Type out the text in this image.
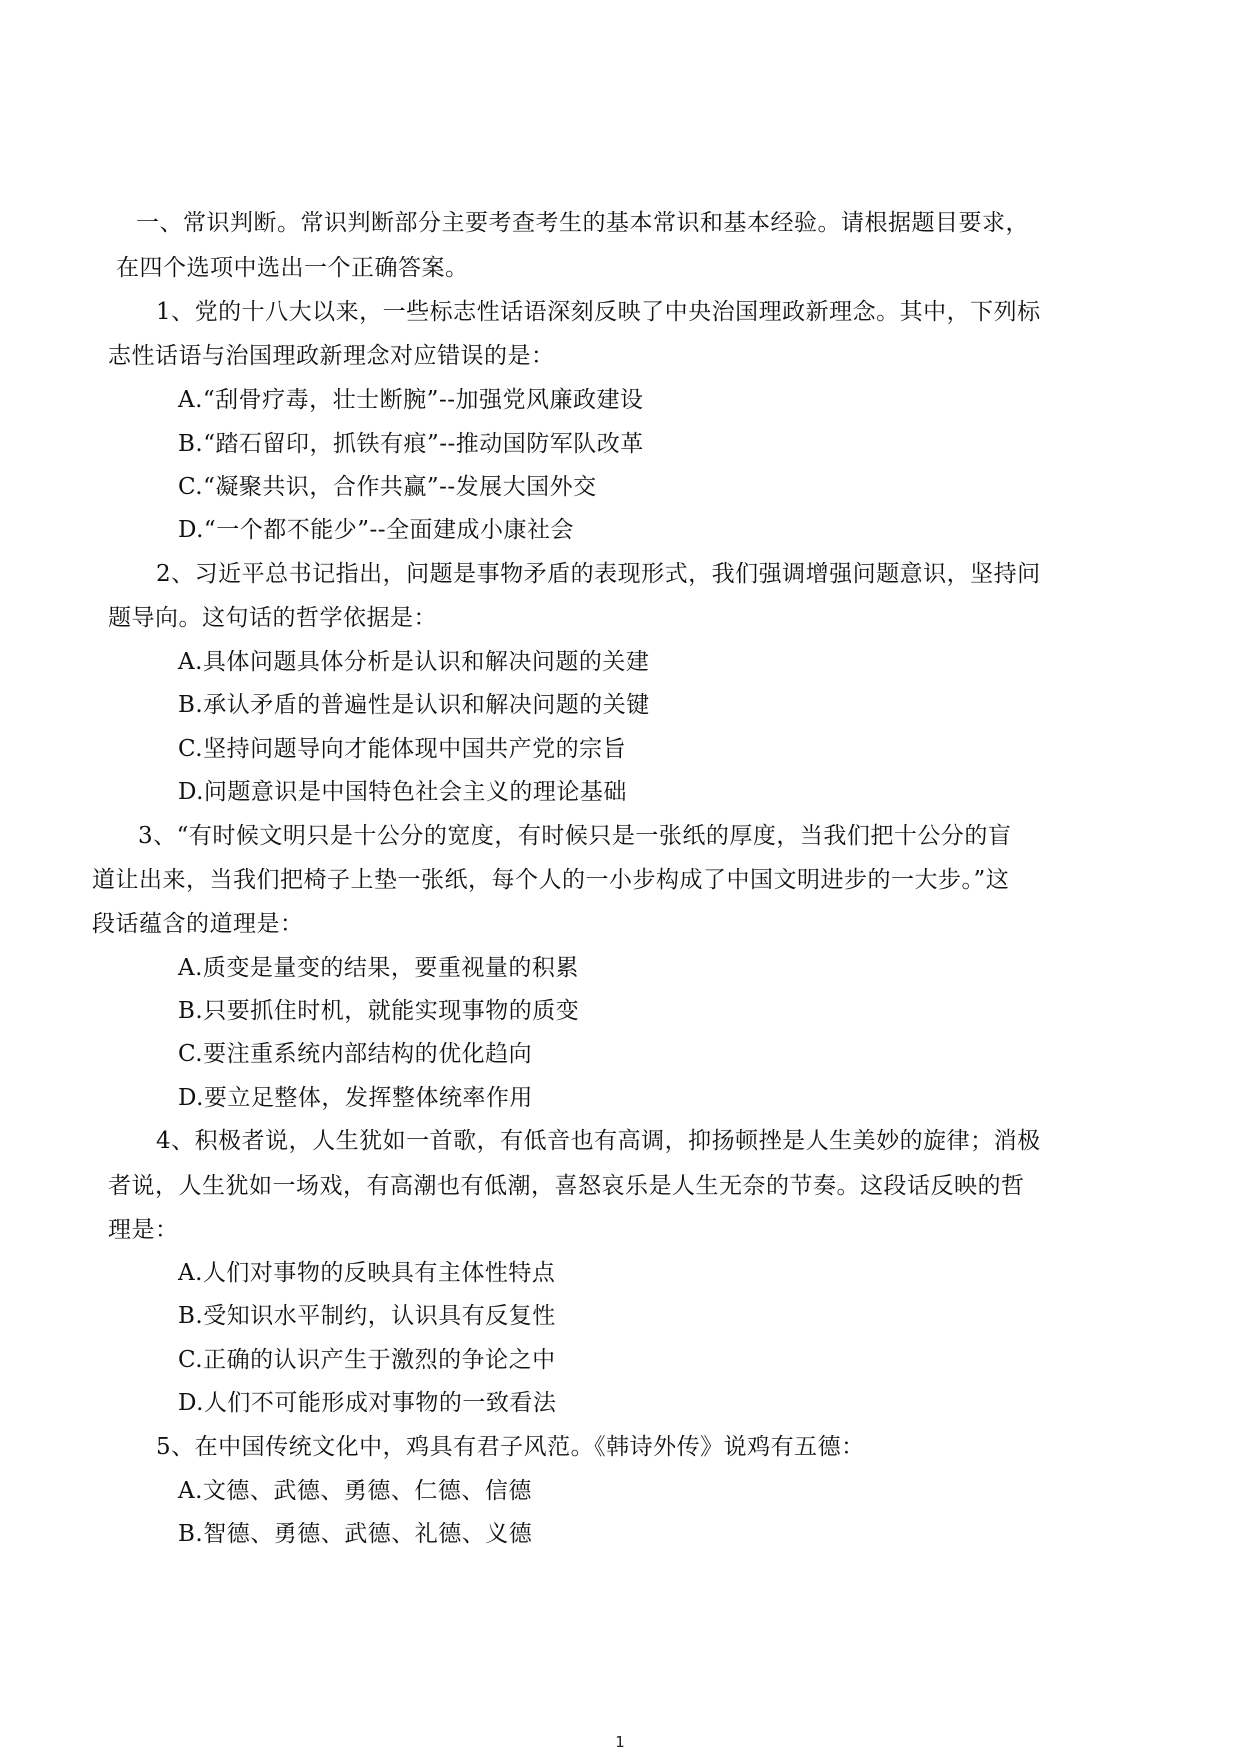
一、常识判断。常识判断部分主要考查考生的基本常识和基本经验。请根据题目要求，
在四个选项中选出一个正确答案。
1、党的十八大以来，一些标志性话语深刻反映了中央治国理政新理念。其中，下列标
志性话语与治国理政新理念对应错误的是：
A.“刮骨疗毒，壮士断腕”--加强党风廉政建设
B.“踏石留印，抓铁有痕”--推动国防军队改革
C.“凝聚共识，合作共赢”--发展大国外交
D.“一个都不能少”--全面建成小康社会
2、习近平总书记指出，问题是事物矛盾的表现形式，我们强调增强问题意识，坚持问
题导向。这句话的哲学依据是：
A.具体问题具体分析是认识和解决问题的关建
B.承认矛盾的普遍性是认识和解决问题的关键
C.坚持问题导向才能体现中国共产党的宗旨
D.问题意识是中国特色社会主义的理论基础
3、“有时候文明只是十公分的宽度，有时候只是一张纸的厚度，当我们把十公分的盲
道让出来，当我们把椅子上垫一张纸，每个人的一小步构成了中国文明进步的一大步。”这
段话蕴含的道理是：
A.质变是量变的结果，要重视量的积累
B.只要抓住时机，就能实现事物的质变
C.要注重系统内部结构的优化趋向
D.要立足整体，发挥整体统率作用
4、积极者说，人生犹如一首歌，有低音也有高调，抑扬顿挫是人生美妙的旋律；消极
者说，人生犹如一场戏，有高潮也有低潮，喜怒哀乐是人生无奈的节奏。这段话反映的哲
理是：
A.人们对事物的反映具有主体性特点
B.受知识水平制约，认识具有反复性
C.正确的认识产生于激烈的争论之中
D.人们不可能形成对事物的一致看法
5、在中国传统文化中，鸡具有君子风范。《韩诗外传》说鸡有五德：
A.文德、武德、勇德、仁德、信德
B.智德、勇德、武德、礼德、义德
1
